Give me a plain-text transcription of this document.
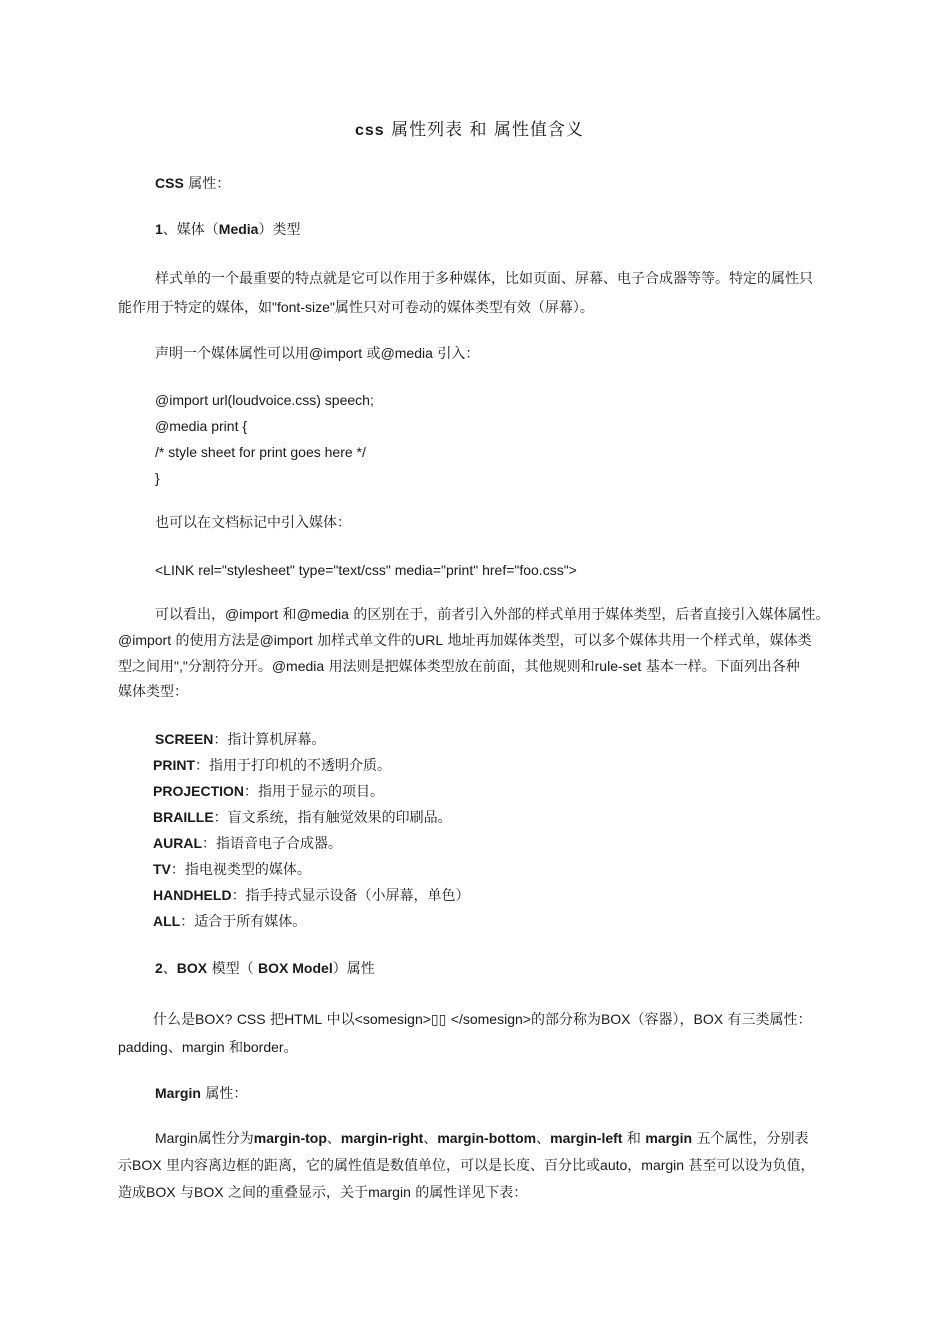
css 属性列表 和 属性值含义
CSS 属性：
1、媒体（Media）类型
样式单的一个最重要的特点就是它可以作用于多种媒体，比如页面、屏幕、电子合成器等等。特定的属性只
能作用于特定的媒体，如"font-size"属性只对可卷动的媒体类型有效（屏幕）。
声明一个媒体属性可以用@import 或@media 引入：
@import url(loudvoice.css) speech;
@media print {
/* style sheet for print goes here */
}
也可以在文档标记中引入媒体：
<LINK rel="stylesheet" type="text/css" media="print" href="foo.css">
可以看出，@import 和@media 的区别在于，前者引入外部的样式单用于媒体类型，后者直接引入媒体属性。
@import 的使用方法是@import 加样式单文件的URL 地址再加媒体类型，可以多个媒体共用一个样式单，媒体类
型之间用","分割符分开。@media 用法则是把媒体类型放在前面，其他规则和rule-set 基本一样。下面列出各种
媒体类型：
SCREEN：指计算机屏幕。
PRINT：指用于打印机的不透明介质。
PROJECTION：指用于显示的项目。
BRAILLE：盲文系统，指有触觉效果的印刷品。
AURAL：指语音电子合成器。
TV：指电视类型的媒体。
HANDHELD：指手持式显示设备（小屏幕，单色）
ALL：适合于所有媒体。
2、BOX 模型（ BOX Model）属性
什么是BOX? CSS 把HTML 中以<somesign>▯▯ </somesign>的部分称为BOX（容器），BOX 有三类属性：
padding、margin 和border。
Margin 属性：
Margin属性分为margin-top、margin-right、margin-bottom、margin-left 和 margin 五个属性，分别表
示BOX 里内容离边框的距离，它的属性值是数值单位，可以是长度、百分比或auto，margin 甚至可以设为负值，
造成BOX 与BOX 之间的重叠显示，关于margin 的属性详见下表：
